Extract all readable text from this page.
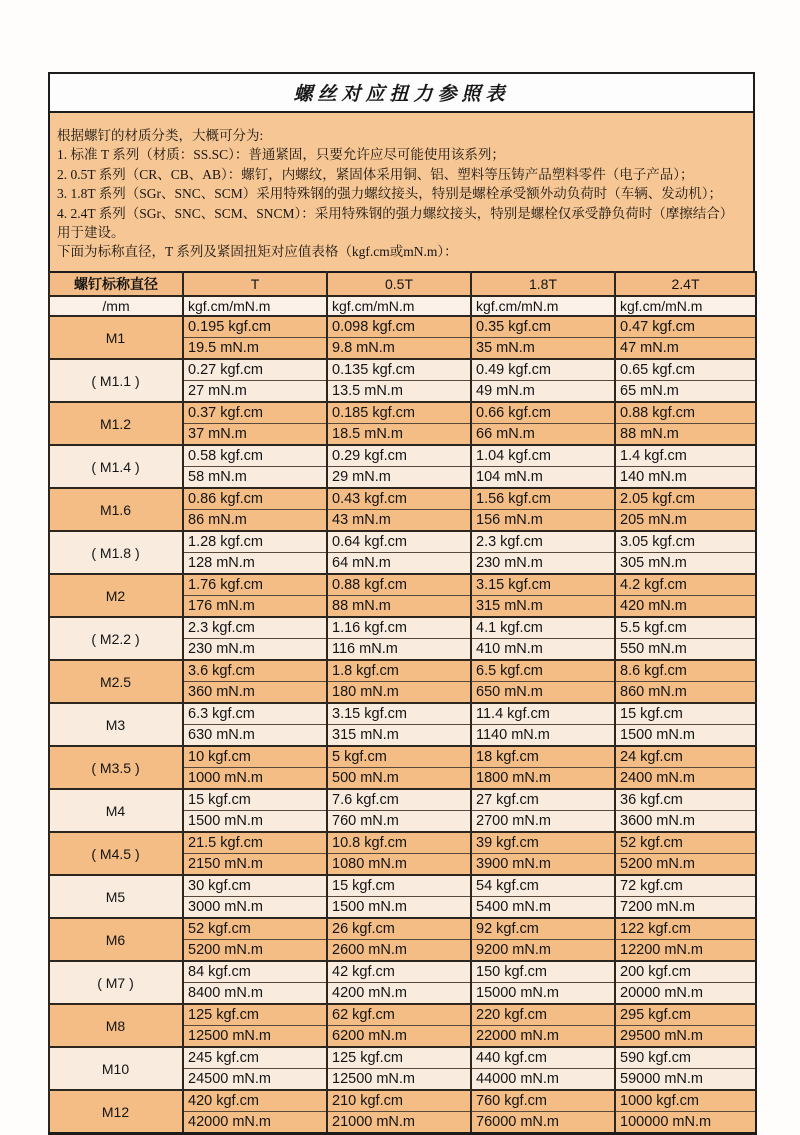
螺丝对应扭力参照表
根据螺钉的材质分类，大概可分为:
1. 标准 T 系列（材质：SS.SC）：普通紧固，只要允许应尽可能使用该系列；
2. 0.5T 系列（CR、CB、AB）：螺钉，内螺纹，紧固体采用铜、铝、塑料等压铸产品塑料零件（电子产品）；
3. 1.8T 系列（SGr、SNC、SCM）采用特殊钢的强力螺纹接头，特别是螺栓承受额外动负荷时（车辆、发动机）；
4. 2.4T 系列（SGr、SNC、SCM、SNCM）：采用特殊钢的强力螺纹接头，特别是螺栓仅承受静负荷时（摩擦结合）
用于建设。
下面为标称直径，T 系列及紧固扭矩对应值表格（kgf.cm或mN.m）：
螺钉标称直径	T	0.5T	1.8T	2.4T
/mm	kgf.cm/mN.m	kgf.cm/mN.m	kgf.cm/mN.m	kgf.cm/mN.m
M1	0.195 kgf.cm	0.098 kgf.cm	0.35 kgf.cm	0.47 kgf.cm
	19.5 mN.m	9.8 mN.m	35 mN.m	47 mN.m
( M1.1 )	0.27 kgf.cm	0.135 kgf.cm	0.49 kgf.cm	0.65 kgf.cm
	27 mN.m	13.5 mN.m	49 mN.m	65 mN.m
M1.2	0.37 kgf.cm	0.185 kgf.cm	0.66 kgf.cm	0.88 kgf.cm
	37 mN.m	18.5 mN.m	66 mN.m	88 mN.m
( M1.4 )	0.58 kgf.cm	0.29 kgf.cm	1.04 kgf.cm	1.4 kgf.cm
	58 mN.m	29 mN.m	104 mN.m	140 mN.m
M1.6	0.86 kgf.cm	0.43 kgf.cm	1.56 kgf.cm	2.05 kgf.cm
	86 mN.m	43 mN.m	156 mN.m	205 mN.m
( M1.8 )	1.28 kgf.cm	0.64 kgf.cm	2.3 kgf.cm	3.05 kgf.cm
	128 mN.m	64 mN.m	230 mN.m	305 mN.m
M2	1.76 kgf.cm	0.88 kgf.cm	3.15 kgf.cm	4.2 kgf.cm
	176 mN.m	88 mN.m	315 mN.m	420 mN.m
( M2.2 )	2.3 kgf.cm	1.16 kgf.cm	4.1 kgf.cm	5.5 kgf.cm
	230 mN.m	116 mN.m	410 mN.m	550 mN.m
M2.5	3.6 kgf.cm	1.8 kgf.cm	6.5 kgf.cm	8.6 kgf.cm
	360 mN.m	180 mN.m	650 mN.m	860 mN.m
M3	6.3 kgf.cm	3.15 kgf.cm	11.4 kgf.cm	15 kgf.cm
	630 mN.m	315 mN.m	1140 mN.m	1500 mN.m
( M3.5 )	10 kgf.cm	5 kgf.cm	18 kgf.cm	24 kgf.cm
	1000 mN.m	500 mN.m	1800 mN.m	2400 mN.m
M4	15 kgf.cm	7.6 kgf.cm	27 kgf.cm	36 kgf.cm
	1500 mN.m	760 mN.m	2700 mN.m	3600 mN.m
( M4.5 )	21.5 kgf.cm	10.8 kgf.cm	39 kgf.cm	52 kgf.cm
	2150 mN.m	1080 mN.m	3900 mN.m	5200 mN.m
M5	30 kgf.cm	15 kgf.cm	54 kgf.cm	72 kgf.cm
	3000 mN.m	1500 mN.m	5400 mN.m	7200 mN.m
M6	52 kgf.cm	26 kgf.cm	92 kgf.cm	122 kgf.cm
	5200 mN.m	2600 mN.m	9200 mN.m	12200 mN.m
( M7 )	84 kgf.cm	42 kgf.cm	150 kgf.cm	200 kgf.cm
	8400 mN.m	4200 mN.m	15000 mN.m	20000 mN.m
M8	125 kgf.cm	62 kgf.cm	220 kgf.cm	295 kgf.cm
	12500 mN.m	6200 mN.m	22000 mN.m	29500 mN.m
M10	245 kgf.cm	125 kgf.cm	440 kgf.cm	590 kgf.cm
	24500 mN.m	12500 mN.m	44000 mN.m	59000 mN.m
M12	420 kgf.cm	210 kgf.cm	760 kgf.cm	1000 kgf.cm
	42000 mN.m	21000 mN.m	76000 mN.m	100000 mN.m
